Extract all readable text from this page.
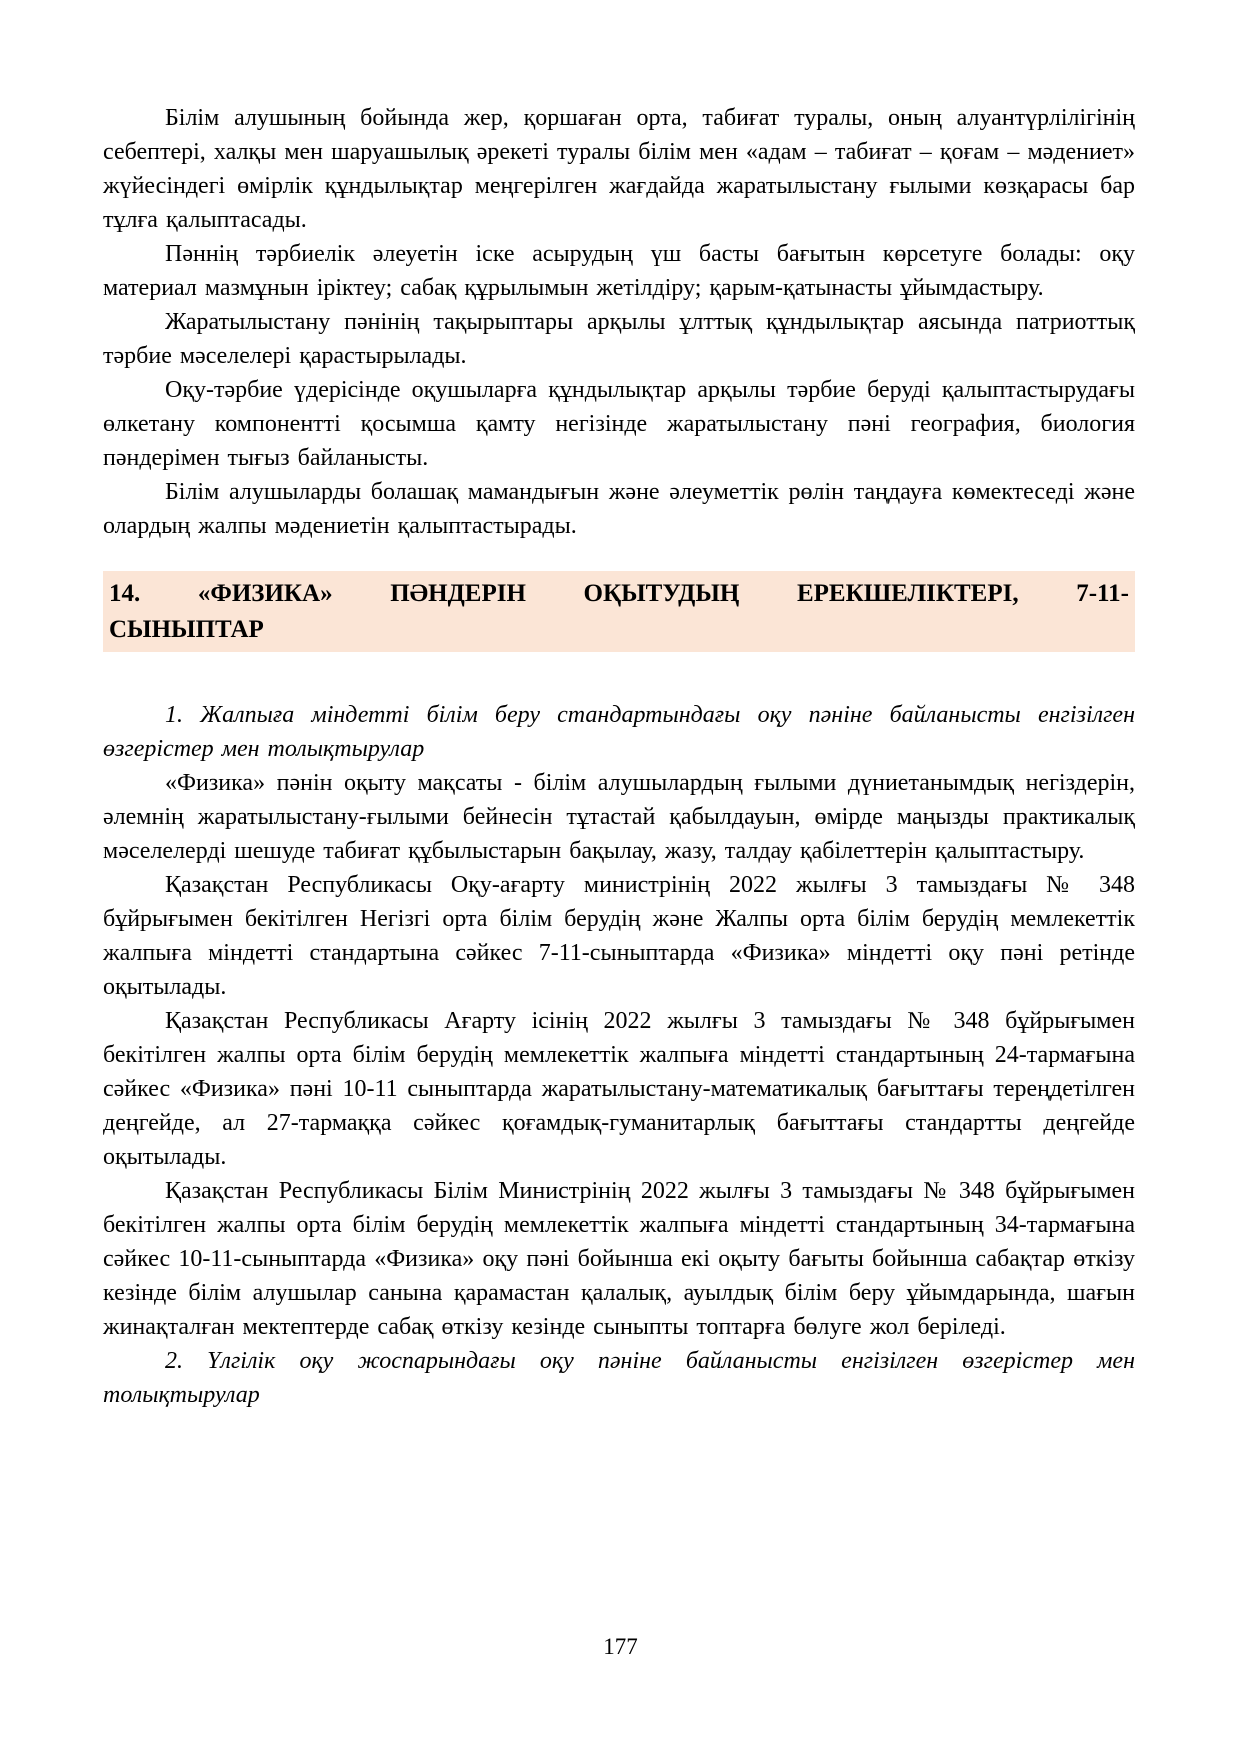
Білім алушының бойында жер, қоршаған орта, табиғат туралы, оның алуантүрлілігінің себептері, халқы мен шаруашылық әрекеті туралы білім мен «адам – табиғат – қоғам – мәдениет» жүйесіндегі өмірлік құндылықтар меңгерілген жағдайда жаратылыстану ғылыми көзқарасы бар тұлға қалыптасады.

Пәннің тәрбиелік әлеуетін іске асырудың үш басты бағытын көрсетуге болады: оқу материал мазмұнын іріктеу; сабақ құрылымын жетілдіру; қарым-қатынасты ұйымдастыру.

Жаратылыстану пәнінің тақырыптары арқылы ұлттық құндылықтар аясында патриоттық тәрбие мәселелері қарастырылады.

Оқу-тәрбие үдерісінде оқушыларға құндылықтар арқылы тәрбие беруді қалыптастырудағы өлкетану компонентті қосымша қамту негізінде жаратылыстану пәні география, биология пәндерімен тығыз байланысты.

Білім алушыларды болашақ мамандығын және әлеуметтік рөлін таңдауға көмектеседі және олардың жалпы мәдениетін қалыптастырады.

14. «ФИЗИКА» ПӘНДЕРІН ОҚЫТУДЫҢ ЕРЕКШЕЛІКТЕРІ, 7-11-
СЫНЫПТАР

1. Жалпыға міндетті білім беру стандартындағы оқу пәніне байланысты енгізілген өзгерістер мен толықтырулар

«Физика» пәнін оқыту мақсаты - білім алушылардың ғылыми дүниетанымдық негіздерін, әлемнің жаратылыстану-ғылыми бейнесін тұтастай қабылдауын, өмірде маңызды практикалық мәселелерді шешуде табиғат құбылыстарын бақылау, жазу, талдау қабілеттерін қалыптастыру.

Қазақстан Республикасы Оқу-ағарту министрінің 2022 жылғы 3 тамыздағы № 348 бұйрығымен бекітілген Негізгі орта білім берудің және Жалпы орта білім берудің мемлекеттік жалпыға міндетті стандартына сәйкес 7-11-сыныптарда «Физика» міндетті оқу пәні ретінде оқытылады.

Қазақстан Республикасы Ағарту ісінің 2022 жылғы 3 тамыздағы № 348 бұйрығымен бекітілген жалпы орта білім берудің мемлекеттік жалпыға міндетті стандартының 24-тармағына сәйкес «Физика» пәні 10-11 сыныптарда жаратылыстану-математикалық бағыттағы тереңдетілген деңгейде, ал 27-тармаққа сәйкес қоғамдық-гуманитарлық бағыттағы стандартты деңгейде оқытылады.

Қазақстан Республикасы Білім Министрінің 2022 жылғы 3 тамыздағы № 348 бұйрығымен бекітілген жалпы орта білім берудің мемлекеттік жалпыға міндетті стандартының 34-тармағына сәйкес 10-11-сыныптарда «Физика» оқу пәні бойынша екі оқыту бағыты бойынша сабақтар өткізу кезінде білім алушылар санына қарамастан қалалық, ауылдық білім беру ұйымдарында, шағын жинақталған мектептерде сабақ өткізу кезінде сыныпты топтарға бөлуге жол беріледі.

2. Үлгілік оқу жоспарындағы оқу пәніне байланысты енгізілген өзгерістер мен толықтырулар

177
